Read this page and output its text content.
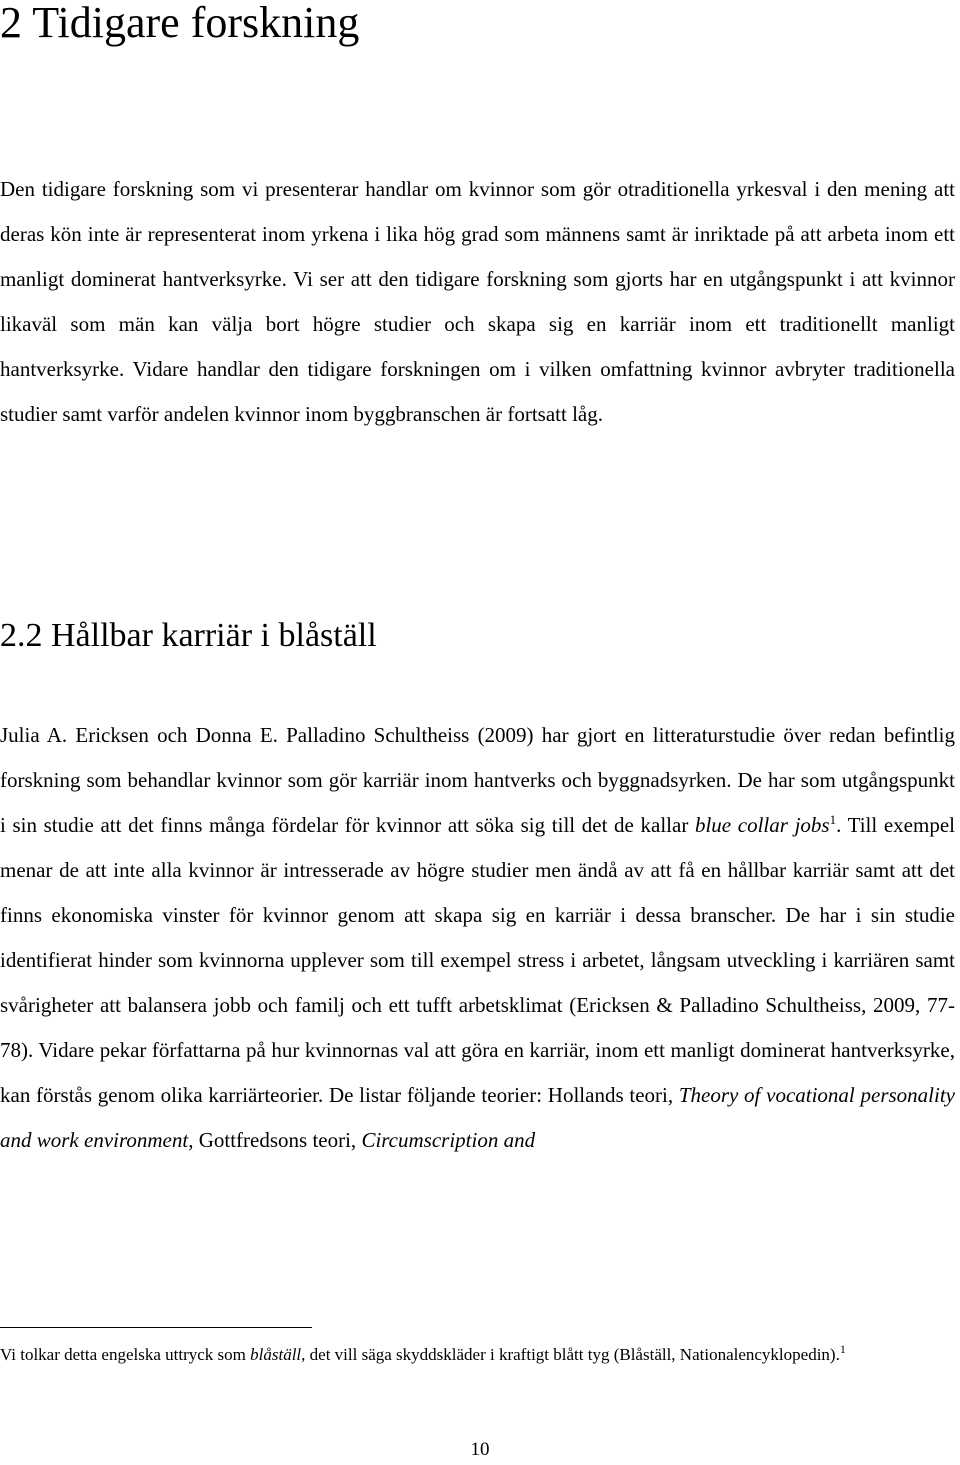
2 Tidigare forskning

Den tidigare forskning som vi presenterar handlar om kvinnor som gör otraditionella yrkesval i den mening att deras kön inte är representerat inom yrkena i lika hög grad som männens samt är inriktade på att arbeta inom ett manligt dominerat hantverksyrke. Vi ser att den tidigare forskning som gjorts har en utgångspunkt i att kvinnor likaväl som män kan välja bort högre studier och skapa sig en karriär inom ett traditionellt manligt hantverksyrke. Vidare handlar den tidigare forskningen om i vilken omfattning kvinnor avbryter traditionella studier samt varför andelen kvinnor inom byggbranschen är fortsatt låg.

2.2 Hållbar karriär i blåställ

Julia A. Ericksen och Donna E. Palladino Schultheiss (2009) har gjort en litteraturstudie över redan befintlig forskning som behandlar kvinnor som gör karriär inom hantverks och byggnadsyrken. De har som utgångspunkt i sin studie att det finns många fördelar för kvinnor att söka sig till det de kallar blue collar jobs$^1$. Till exempel menar de att inte alla kvinnor är intresserade av högre studier men ändå av att få en hållbar karriär samt att det finns ekonomiska vinster för kvinnor genom att skapa sig en karriär i dessa branscher. De har i sin studie identifierat hinder som kvinnorna upplever som till exempel stress i arbetet, långsam utveckling i karriären samt svårigheter att balansera jobb och familj och ett tufft arbetsklimat (Ericksen & Palladino Schultheiss, 2009, 77-78). Vidare pekar författarna på hur kvinnornas val att göra en karriär, inom ett manligt dominerat hantverksyrke, kan förstås genom olika karriärteorier. De listar följande teorier: Hollands teori, Theory of vocational personality and work environment, Gottfredsons teori, Circumscription and

Vi tolkar detta engelska uttryck som blåställ, det vill säga skyddskläder i kraftigt blått tyg (Blåställ, Nationalencyklopedin).$^1$

10
